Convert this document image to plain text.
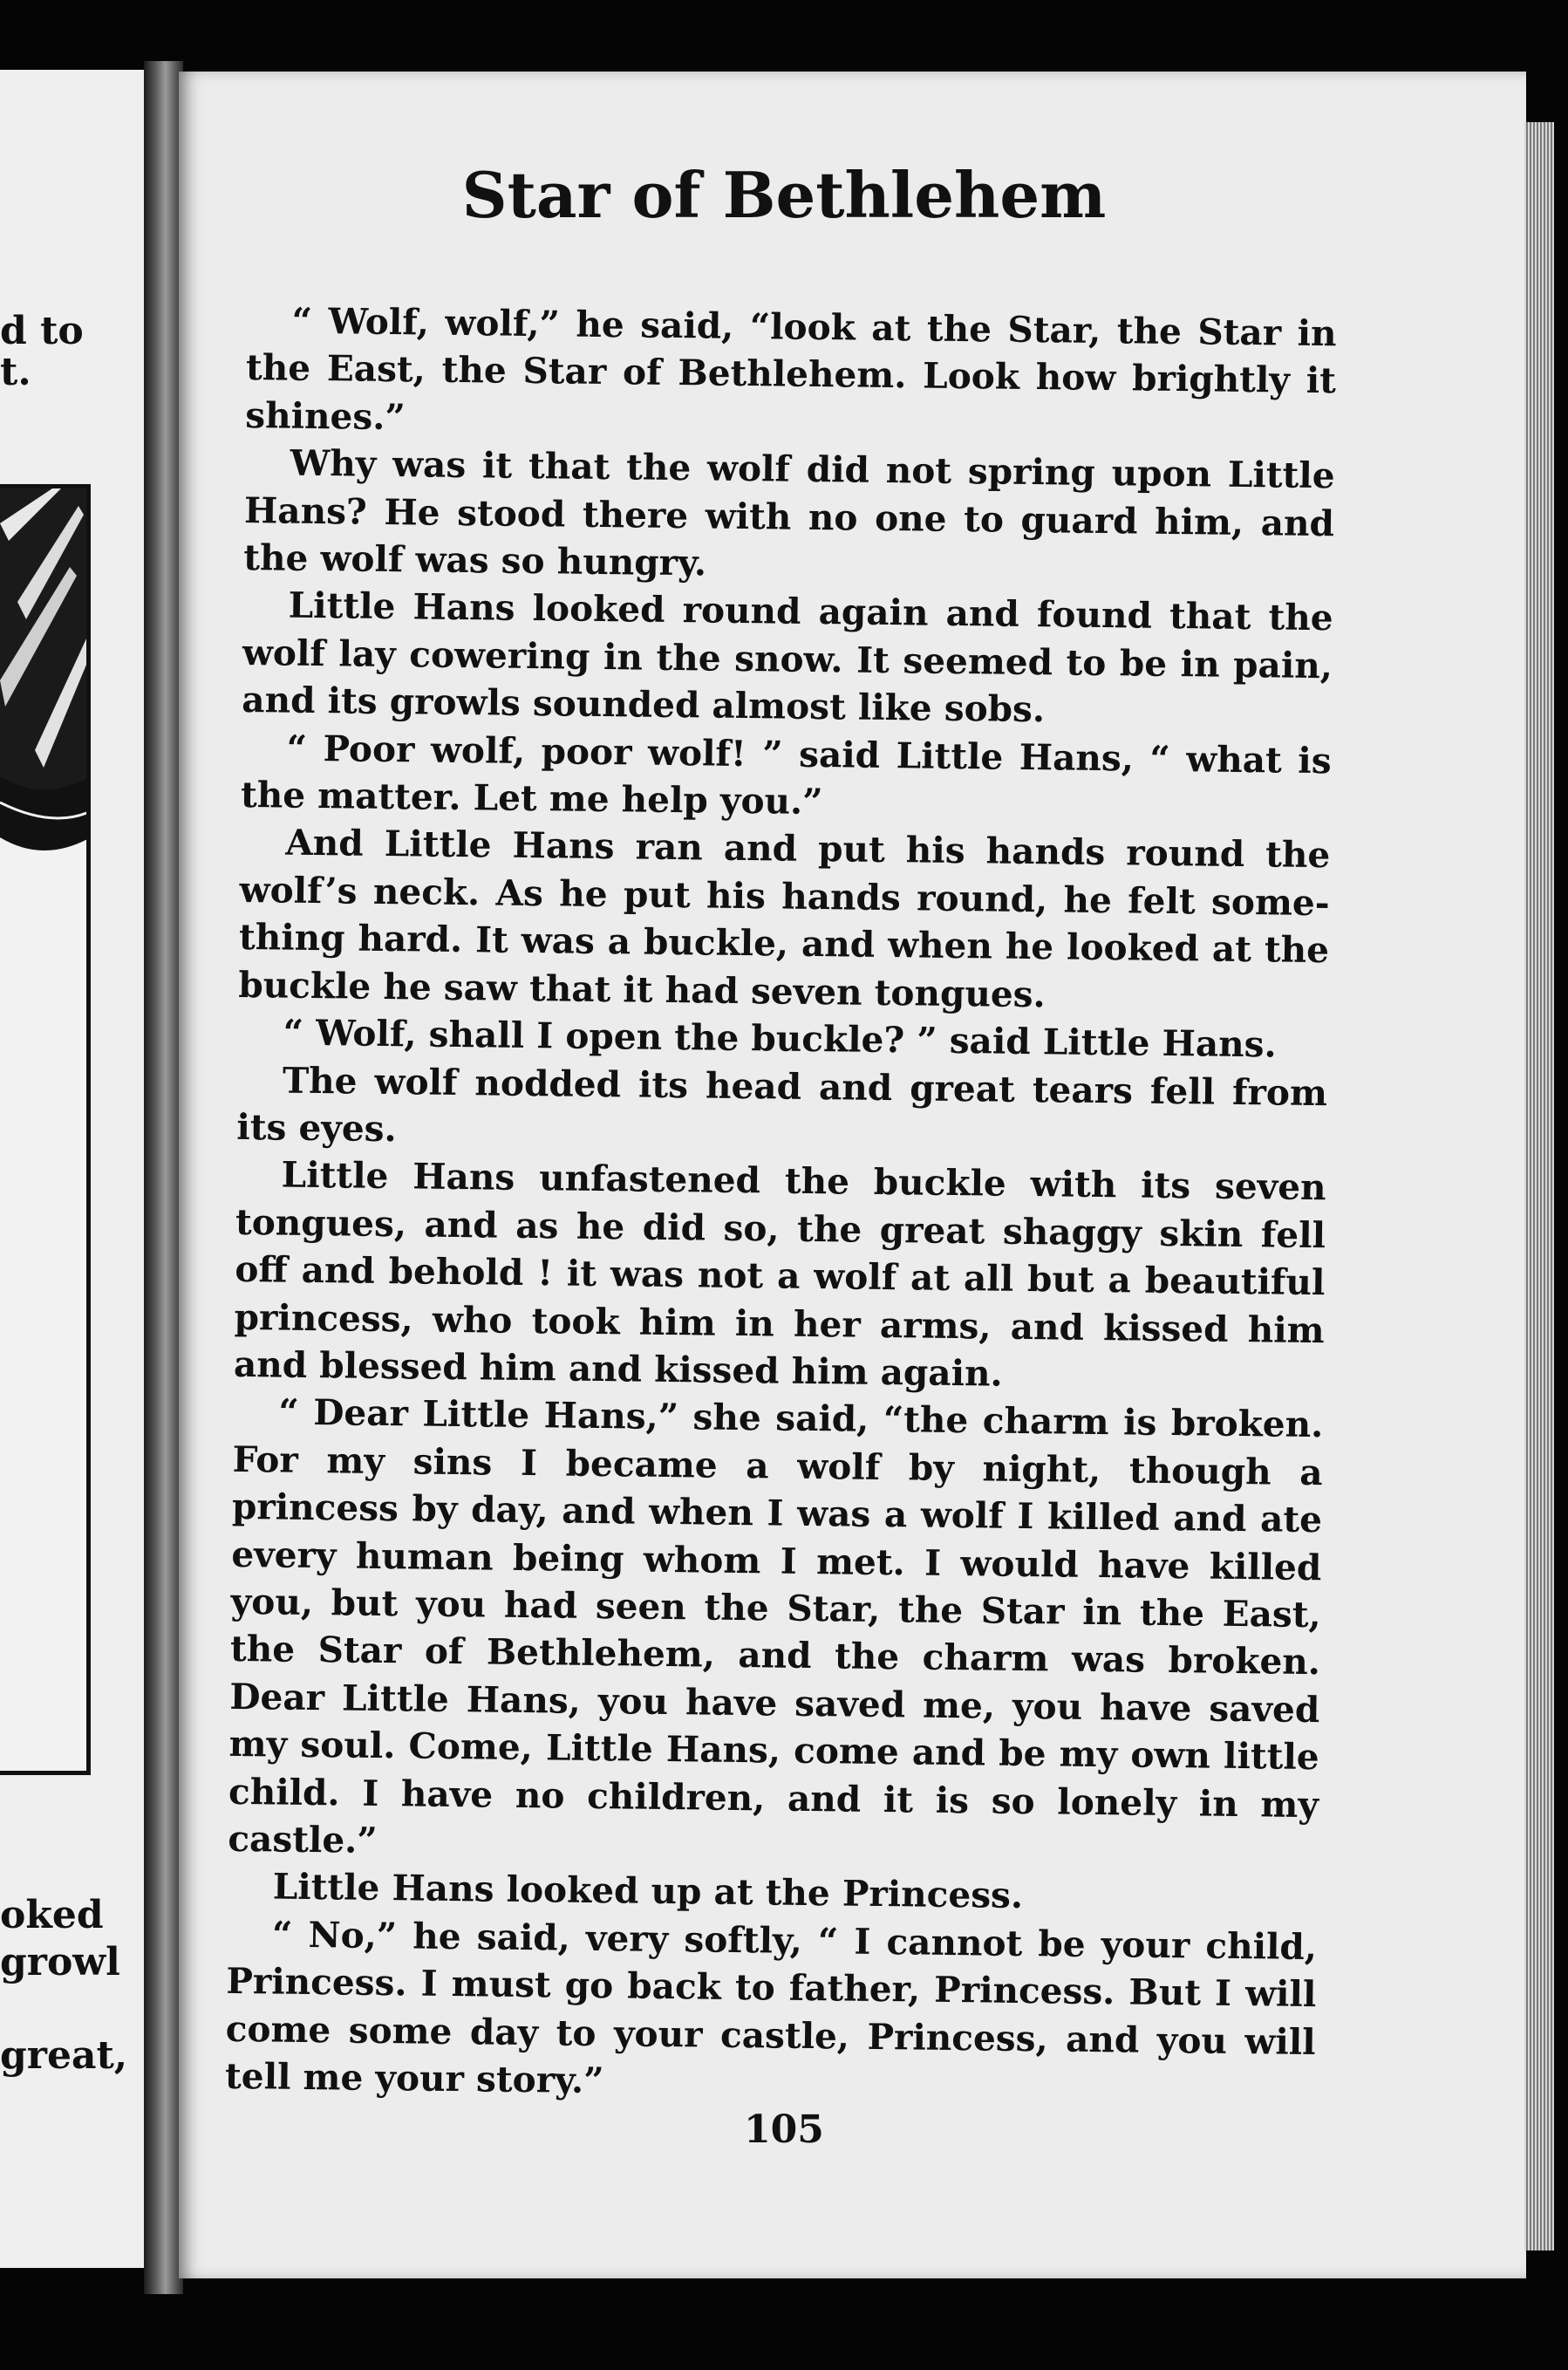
d to
t.
oked
growl
great,
Star of Bethlehem

“ Wolf, wolf,” he said, “look at the Star, the Star in the East, the Star of Bethlehem. Look how brightly it shines.”

Why was it that the wolf did not spring upon Little Hans? He stood there with no one to guard him, and the wolf was so hungry.

Little Hans looked round again and found that the wolf lay cowering in the snow. It seemed to be in pain, and its growls sounded almost like sobs.

“ Poor wolf, poor wolf! ” said Little Hans, “ what is the matter. Let me help you.”

And Little Hans ran and put his hands round the wolf’s neck. As he put his hands round, he felt some-thing hard. It was a buckle, and when he looked at the buckle he saw that it had seven tongues.

“ Wolf, shall I open the buckle? ” said Little Hans.

The wolf nodded its head and great tears fell from its eyes.

Little Hans unfastened the buckle with its seven tongues, and as he did so, the great shaggy skin fell off and behold ! it was not a wolf at all but a beautiful princess, who took him in her arms, and kissed him and blessed him and kissed him again.

“ Dear Little Hans,” she said, “the charm is broken. For my sins I became a wolf by night, though a princess by day, and when I was a wolf I killed and ate every human being whom I met. I would have killed you, but you had seen the Star, the Star in the East, the Star of Bethlehem, and the charm was broken. Dear Little Hans, you have saved me, you have saved my soul. Come, Little Hans, come and be my own little child. I have no children, and it is so lonely in my castle.”

Little Hans looked up at the Princess.

“ No,” he said, very softly, “ I cannot be your child, Princess. I must go back to father, Princess. But I will come some day to your castle, Princess, and you will tell me your story.”

105
